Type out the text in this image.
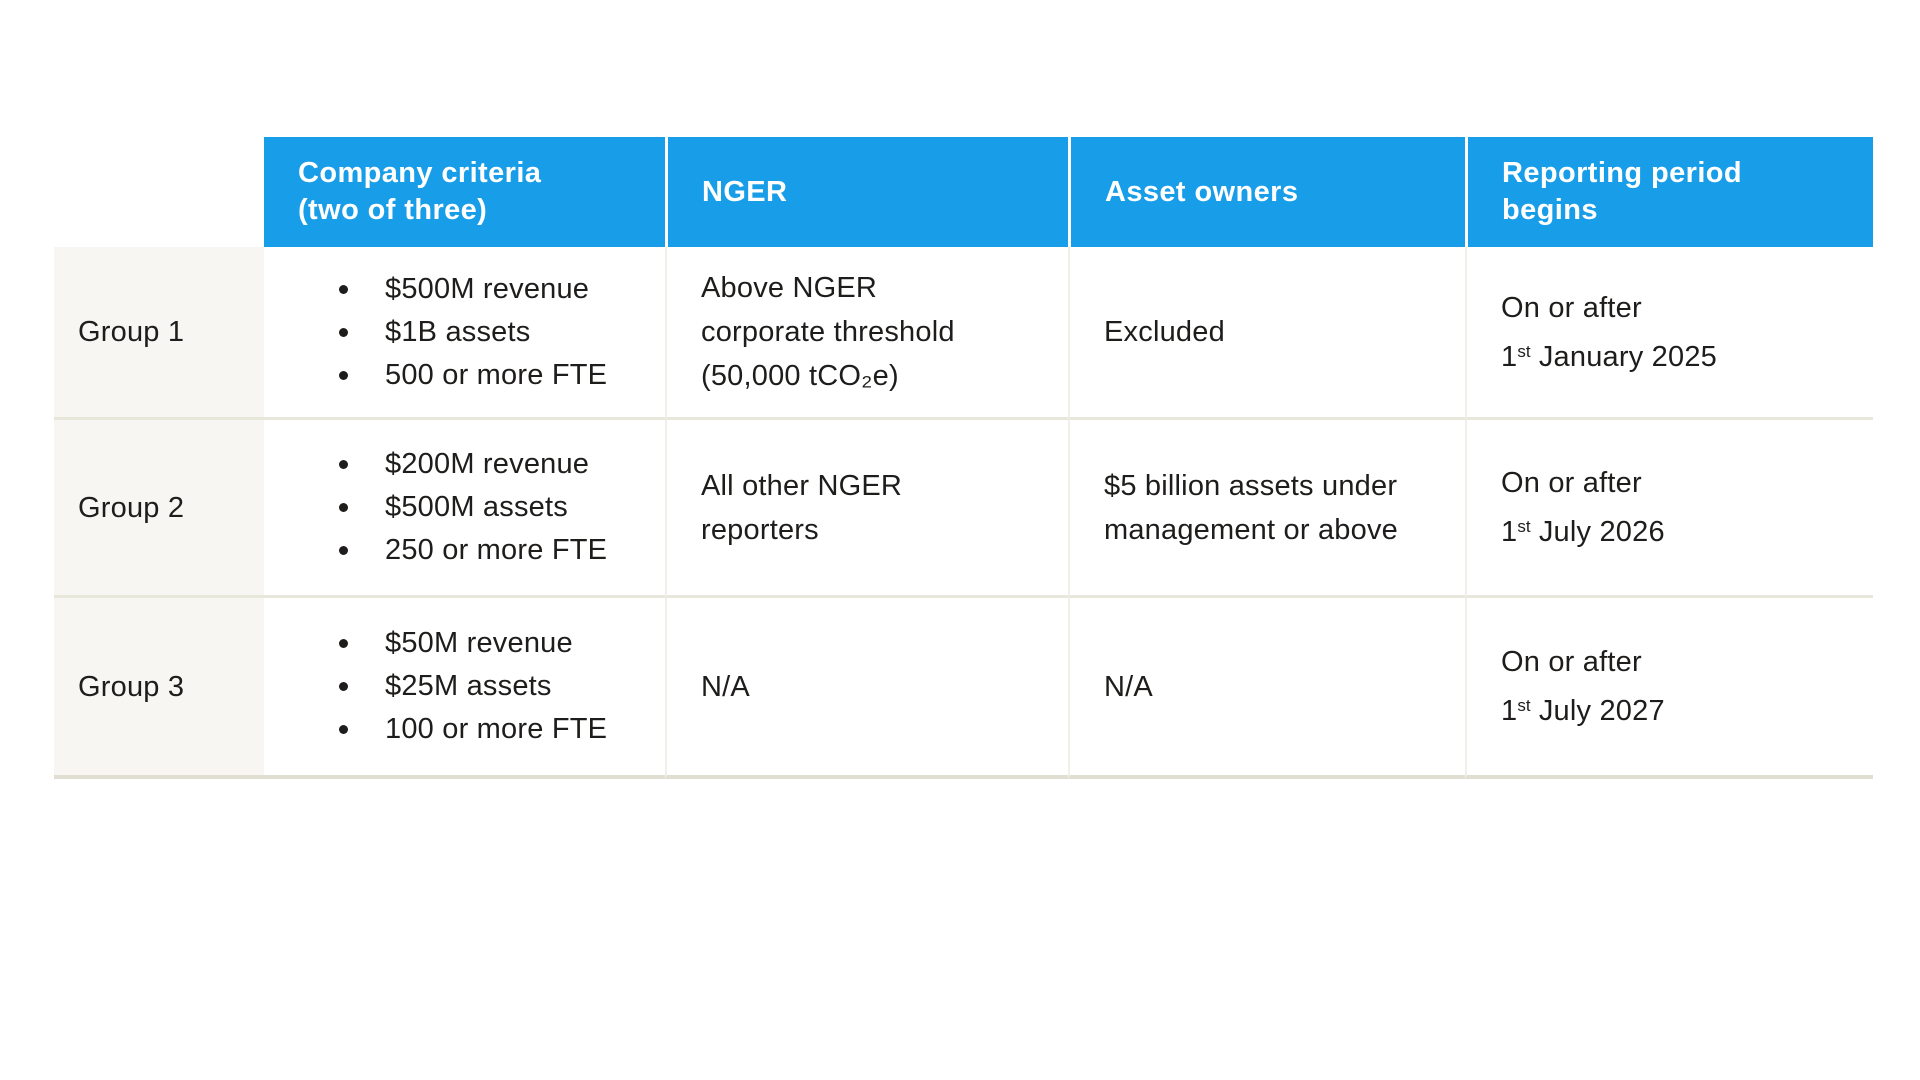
Company criteria
(two of three)
NGER	Asset owners
Reporting period
begins
Group 1
$500M revenue
$1B assets
500 or more FTE
Above NGER
corporate threshold
(50,000 tCO₂e)
Excluded
On or after
1st January 2025
Group 2
$200M revenue
$500M assets
250 or more FTE
All other NGER
reporters
$5 billion assets under
management or above
On or after
1st July 2026
Group 3
$50M revenue
$25M assets
100 or more FTE
N/A	N/A
On or after
1st July 2027
